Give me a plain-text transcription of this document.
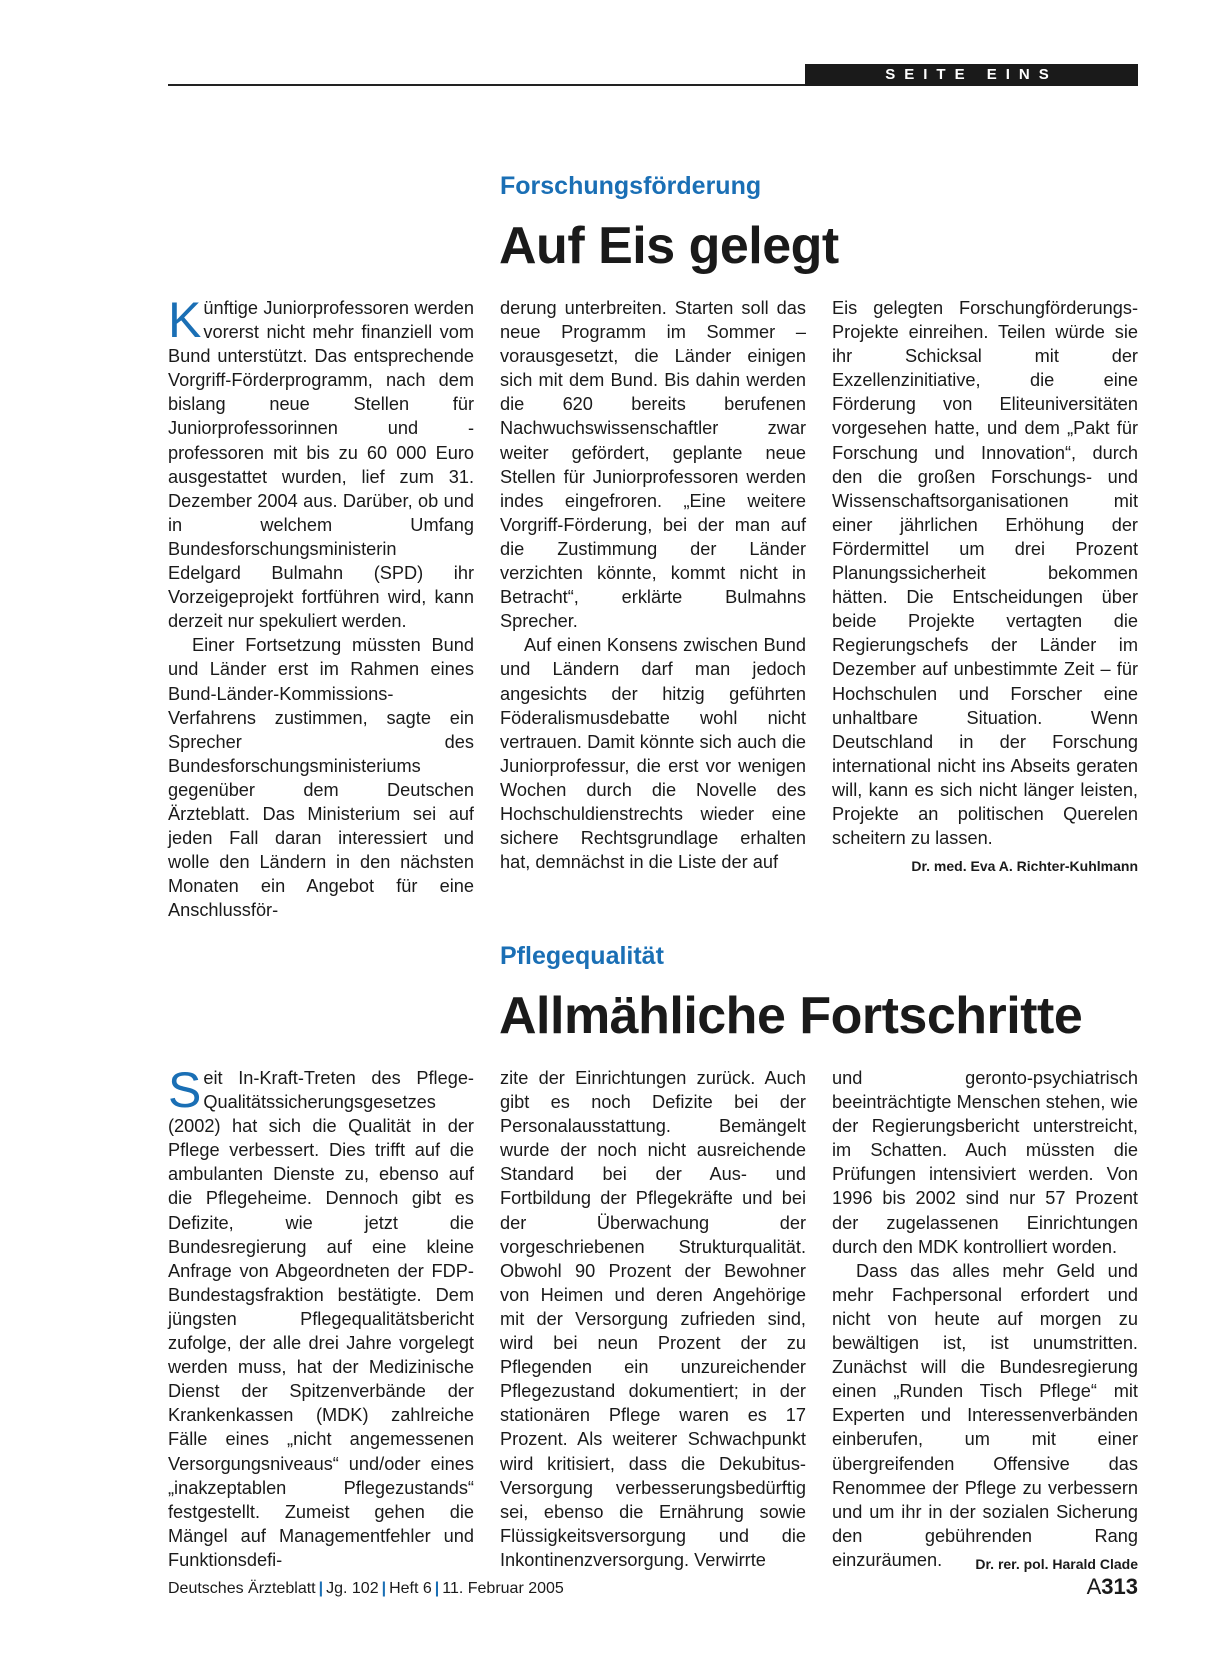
SEITE EINS
Forschungsförderung
Auf Eis gelegt

Künftige Juniorprofessoren werden vorerst nicht mehr finanziell vom Bund unterstützt. Das entsprechende Vorgriff-Förderprogramm, nach dem bislang neue Stellen für Juniorprofessorinnen und -professoren mit bis zu 60 000 Euro ausgestattet wurden, lief zum 31. Dezember 2004 aus. Darüber, ob und in welchem Umfang Bundesforschungsministerin Edelgard Bulmahn (SPD) ihr Vorzeigeprojekt fortführen wird, kann derzeit nur spekuliert werden.

Einer Fortsetzung müssten Bund und Länder erst im Rahmen eines Bund-Länder-Kommissions-Verfahrens zustimmen, sagte ein Sprecher des Bundesforschungsministeriums gegenüber dem Deutschen Ärzteblatt. Das Ministerium sei auf jeden Fall daran interessiert und wolle den Ländern in den nächsten Monaten ein Angebot für eine Anschlussför-

derung unterbreiten. Starten soll das neue Programm im Sommer – vorausgesetzt, die Länder einigen sich mit dem Bund. Bis dahin werden die 620 bereits berufenen Nachwuchswissenschaftler zwar weiter gefördert, geplante neue Stellen für Juniorprofessoren werden indes eingefroren. „Eine weitere Vorgriff-Förderung, bei der man auf die Zustimmung der Länder verzichten könnte, kommt nicht in Betracht“, erklärte Bulmahns Sprecher.

Auf einen Konsens zwischen Bund und Ländern darf man jedoch angesichts der hitzig geführten Föderalismusdebatte wohl nicht vertrauen. Damit könnte sich auch die Juniorprofessur, die erst vor wenigen Wochen durch die Novelle des Hochschuldienstrechts wieder eine sichere Rechtsgrundlage erhalten hat, demnächst in die Liste der auf

Eis gelegten Forschungförderungs-Projekte einreihen. Teilen würde sie ihr Schicksal mit der Exzellenzinitiative, die eine Förderung von Eliteuniversitäten vorgesehen hatte, und dem „Pakt für Forschung und Innovation“, durch den die großen Forschungs- und Wissenschaftsorganisationen mit einer jährlichen Erhöhung der Fördermittel um drei Prozent Planungssicherheit bekommen hätten. Die Entscheidungen über beide Projekte vertagten die Regierungschefs der Länder im Dezember auf unbestimmte Zeit – für Hochschulen und Forscher eine unhaltbare Situation. Wenn Deutschland in der Forschung international nicht ins Abseits geraten will, kann es sich nicht länger leisten, Projekte an politischen Querelen scheitern zu lassen.
Dr. med. Eva A. Richter-Kuhlmann

Pflegequalität
Allmähliche Fortschritte

Seit In-Kraft-Treten des Pflege-Qualitätssicherungsgesetzes (2002) hat sich die Qualität in der Pflege verbessert. Dies trifft auf die ambulanten Dienste zu, ebenso auf die Pflegeheime. Dennoch gibt es Defizite, wie jetzt die Bundesregierung auf eine kleine Anfrage von Abgeordneten der FDP-Bundestagsfraktion bestätigte. Dem jüngsten Pflegequalitätsbericht zufolge, der alle drei Jahre vorgelegt werden muss, hat der Medizinische Dienst der Spitzenverbände der Krankenkassen (MDK) zahlreiche Fälle eines „nicht angemessenen Versorgungsniveaus“ und/oder eines „inakzeptablen Pflegezustands“ festgestellt. Zumeist gehen die Mängel auf Managementfehler und Funktionsdefi-

zite der Einrichtungen zurück. Auch gibt es noch Defizite bei der Personalausstattung. Bemängelt wurde der noch nicht ausreichende Standard bei der Aus- und Fortbildung der Pflegekräfte und bei der Überwachung der vorgeschriebenen Strukturqualität. Obwohl 90 Prozent der Bewohner von Heimen und deren Angehörige mit der Versorgung zufrieden sind, wird bei neun Prozent der zu Pflegenden ein unzureichender Pflegezustand dokumentiert; in der stationären Pflege waren es 17 Prozent. Als weiterer Schwachpunkt wird kritisiert, dass die Dekubitus-Versorgung verbesserungsbedürftig sei, ebenso die Ernährung sowie Flüssigkeitsversorgung und die Inkontinenzversorgung. Verwirrte

und geronto-psychiatrisch beeinträchtigte Menschen stehen, wie der Regierungsbericht unterstreicht, im Schatten. Auch müssten die Prüfungen intensiviert werden. Von 1996 bis 2002 sind nur 57 Prozent der zugelassenen Einrichtungen durch den MDK kontrolliert worden.

Dass das alles mehr Geld und mehr Fachpersonal erfordert und nicht von heute auf morgen zu bewältigen ist, ist unumstritten. Zunächst will die Bundesregierung einen „Runden Tisch Pflege“ mit Experten und Interessenverbänden einberufen, um mit einer übergreifenden Offensive das Renommee der Pflege zu verbessern und um ihr in der sozialen Sicherung den gebührenden Rang einzuräumen.	Dr. rer. pol. Harald Clade

Deutsches Ärzteblatt | Jg. 102 | Heft 6 | 11. Februar 2005	A313
